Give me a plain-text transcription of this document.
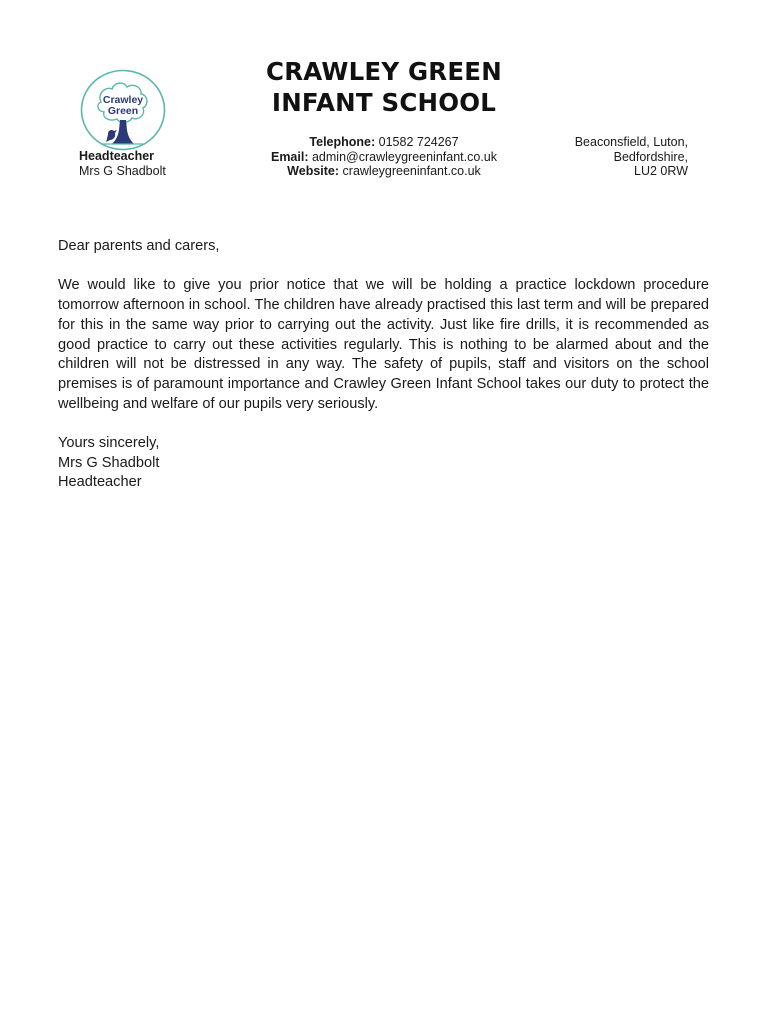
Crawley
Green
CRAWLEY GREEN
INFANT SCHOOL
Headteacher
Mrs G Shadbolt
Telephone: 01582 724267
Email: admin@crawleygreeninfant.co.uk
Website: crawleygreeninfant.co.uk
Beaconsfield, Luton,
Bedfordshire,
LU2 0RW

Dear parents and carers,

We would like to give you prior notice that we will be holding a practice lockdown procedure tomorrow afternoon in school. The children have already practised this last term and will be prepared for this in the same way prior to carrying out the activity. Just like fire drills, it is recommended as good practice to carry out these activities regularly. This is nothing to be alarmed about and the children will not be distressed in any way. The safety of pupils, staff and visitors on the school premises is of paramount importance and Crawley Green Infant School takes our duty to protect the wellbeing and welfare of our pupils very seriously.

Yours sincerely,
Mrs G Shadbolt
Headteacher
